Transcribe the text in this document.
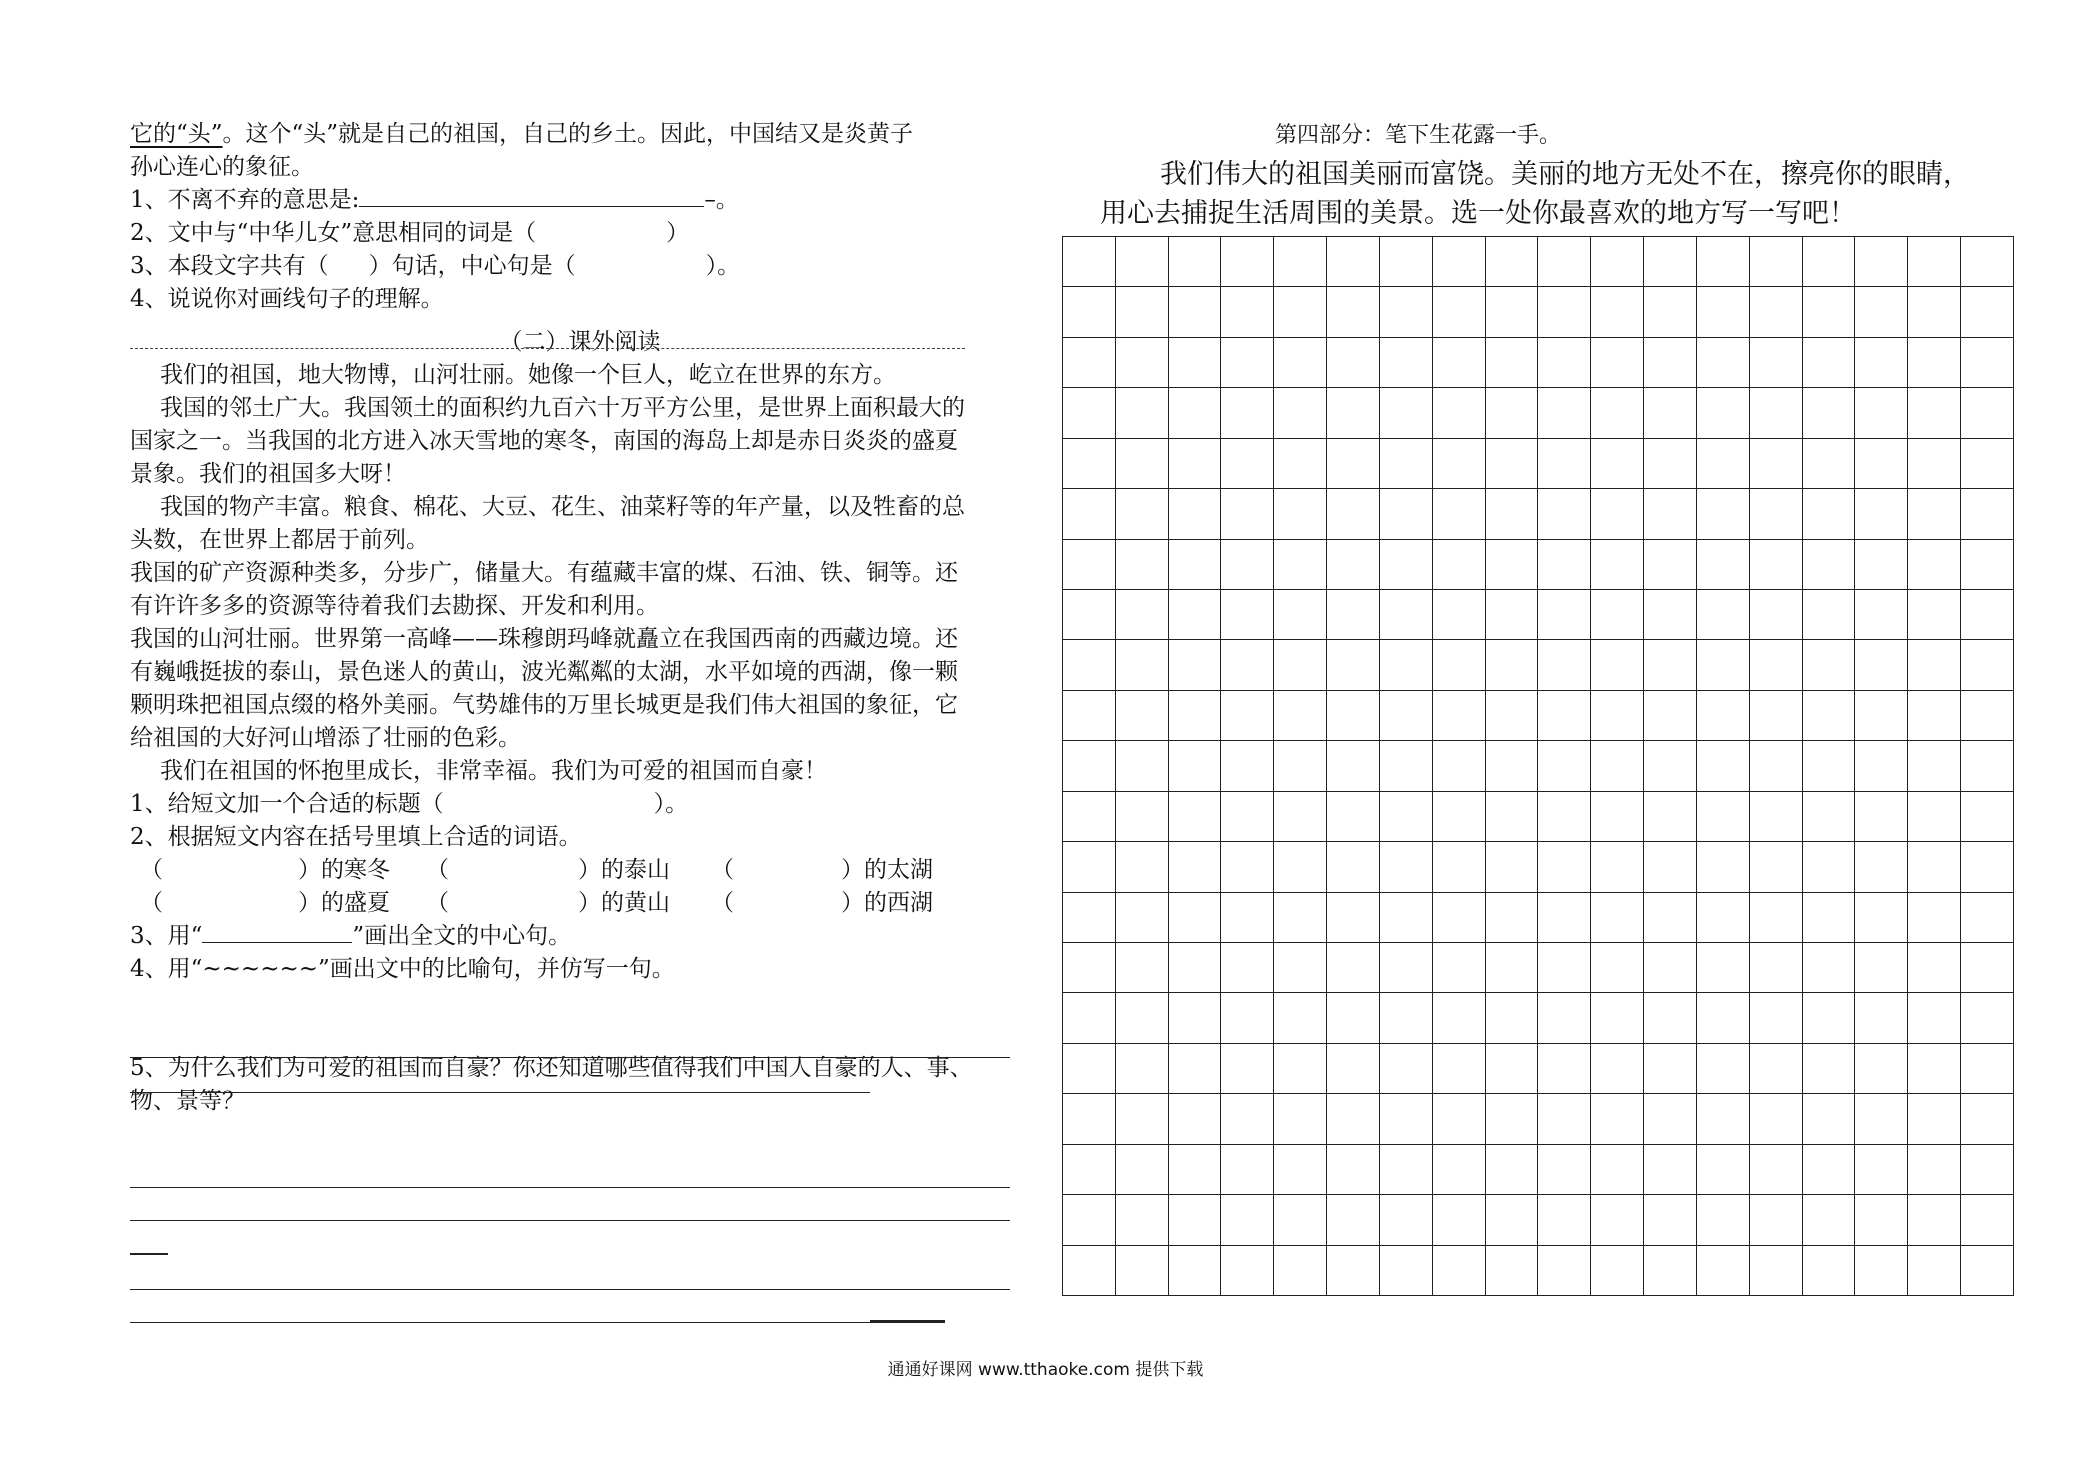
它的“头”。这个“头”就是自己的祖国，自己的乡土。因此，中国结又是炎黄子
孙心连心的象征。
1、不离不弃的意思是:	–。
2、文中与“中华儿女”意思相同的词是（	）
3、本段文字共有（ ）句话，中心句是（	）。
4、说说你对画线句子的理解。
（二）课外阅读
我们的祖国，地大物博，山河壮丽。她像一个巨人，屹立在世界的东方。
我国的邻土广大。我国领土的面积约九百六十万平方公里，是世界上面积最大的
国家之一。当我国的北方进入冰天雪地的寒冬，南国的海岛上却是赤日炎炎的盛夏
景象。我们的祖国多大呀！
我国的物产丰富。粮食、棉花、大豆、花生、油菜籽等的年产量，以及牲畜的总
头数，在世界上都居于前列。
我国的矿产资源种类多，分步广，储量大。有蕴藏丰富的煤、石油、铁、铜等。还
有许许多多的资源等待着我们去勘探、开发和利用。
我国的山河壮丽。世界第一高峰——珠穆朗玛峰就矗立在我国西南的西藏边境。还
有巍峨挺拔的泰山，景色迷人的黄山，波光粼粼的太湖，水平如境的西湖，像一颗
颗明珠把祖国点缀的格外美丽。气势雄伟的万里长城更是我们伟大祖国的象征，它
给祖国的大好河山增添了壮丽的色彩。
我们在祖国的怀抱里成长，非常幸福。我们为可爱的祖国而自豪！
1、给短文加一个合适的标题（	）。
2、根据短文内容在括号里填上合适的词语。
（	）	的寒冬	（	）	的泰山	（	）	的太湖
（	）	的盛夏	（	）	的黄山	（	）	的西湖
3、用“	”画出全文的中心句。
4、用“~~~~~~”画出文中的比喻句，并仿写一句。
5、为什么我们为可爱的祖国而自豪？你还知道哪些值得我们中国人自豪的人、事、
物、景等？
第四部分：笔下生花露一手。

我们伟大的祖国美丽而富饶。美丽的地方无处不在，擦亮你的眼睛，用心去捕捉生活周围的美景。选一处你最喜欢的地方写一写吧！

通通好课网 www.tthaoke.com 提供下载
